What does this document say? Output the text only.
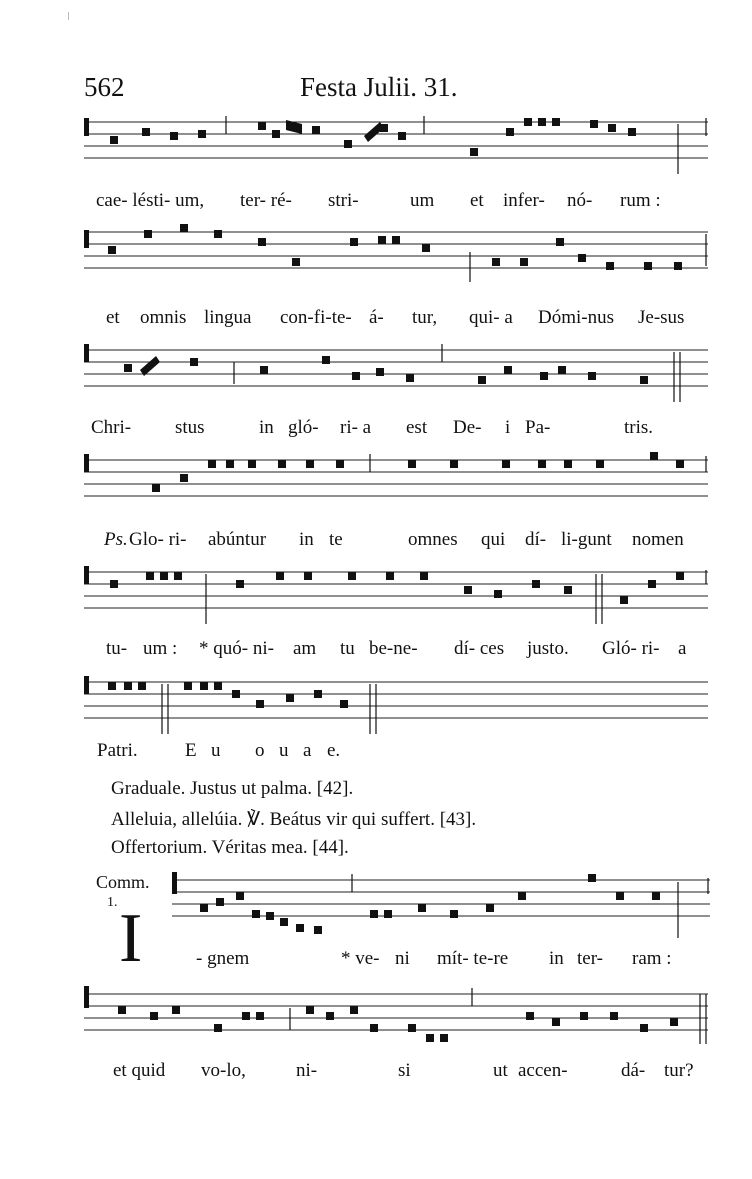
562	Festa Julii. 31.
cae- lésti- um, ter- ré- stri-	um et infer- nó- rum :
et omnis lingua con-fi-te- á- tur, qui- a Dómi-nus Je-sus
Chri- stus	in gló- ri- a est De- i Pa-	tris.
Ps. Glo- ri- abúntur in te	omnes qui dí- li-gunt nomen
tu- um : * quó- ni- am tu be-ne- dí- ces justo. Gló- ri- a
Patri. E u o u a e.
Graduale. Justus ut palma. [42].
Alleluia, allelúia. ℣. Beátus vir qui suffert. [43].
Offertorium. Véritas mea. [44].
Comm.
1. I	- gnem	* ve- ni mít- te-re in ter- ram :
et quid vo-lo,	ni-	si	ut accen-	dá- tur?
